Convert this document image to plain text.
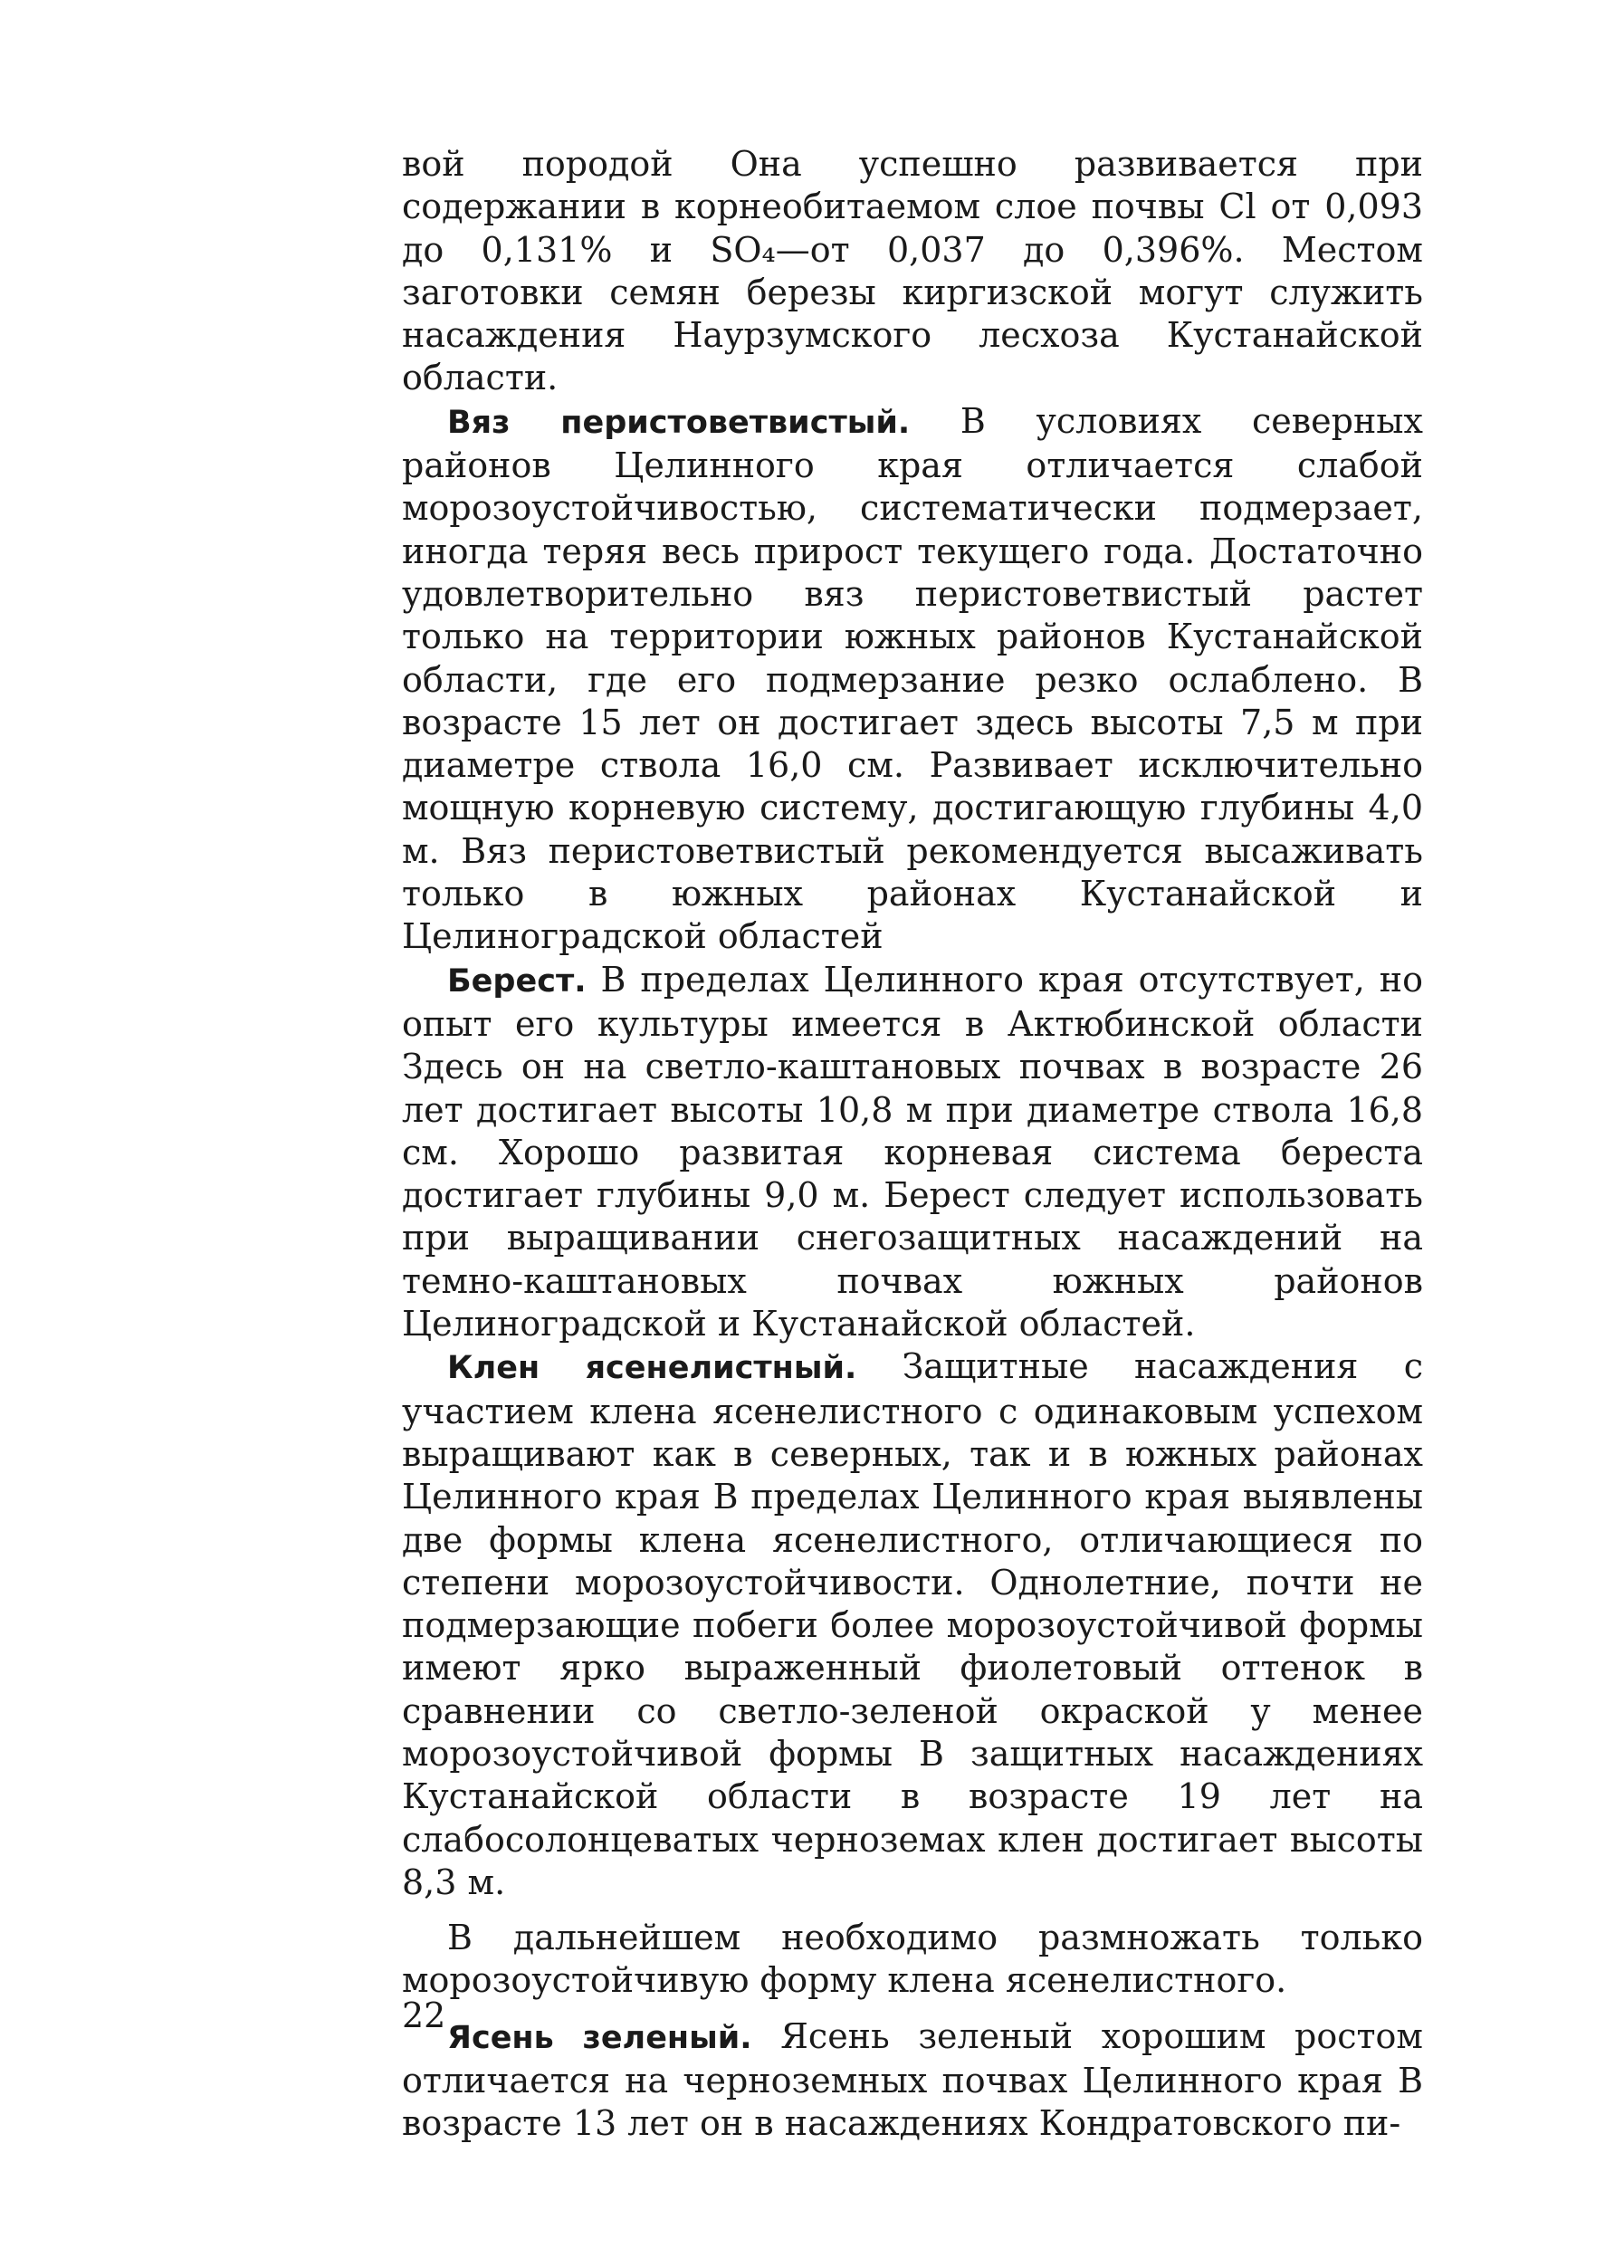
вой породой Она успешно развивается при содержании в корнеобитаемом слое почвы Cl от 0,093 до 0,131% и SO₄—от 0,037 до 0,396%. Местом заготовки семян березы киргизской могут служить насаждения Наурзумского лесхоза Кустанайской области.

Вяз перистоветвистый. В условиях северных районов Целинного края отличается слабой морозоустойчивостью, систематически подмерзает, иногда теряя весь прирост текущего года. Достаточно удовлетворительно вяз перистоветвистый растет только на территории южных районов Кустанайской области, где его подмерзание резко ослаблено. В возрасте 15 лет он достигает здесь высоты 7,5 м при диаметре ствола 16,0 см. Развивает исключительно мощную корневую систему, достигающую глубины 4,0 м. Вяз перистоветвистый рекомендуется высаживать только в южных районах Кустанайской и Целиноградской областей

Берест. В пределах Целинного края отсутствует, но опыт его культуры имеется в Актюбинской области Здесь он на светло-каштановых почвах в возрасте 26 лет достигает высоты 10,8 м при диаметре ствола 16,8 см. Хорошо развитая корневая система береста достигает глубины 9,0 м. Берест следует использовать при выращивании снегозащитных насаждений на темно-каштановых почвах южных районов Целиноградской и Кустанайской областей.

Клен ясенелистный. Защитные насаждения с участием клена ясенелистного с одинаковым успехом выращивают как в северных, так и в южных районах Целинного края В пределах Целинного края выявлены две формы клена ясенелистного, отличающиеся по степени морозоустойчивости. Однолетние, почти не подмерзающие побеги более морозоустойчивой формы имеют ярко выраженный фиолетовый оттенок в сравнении со светло-зеленой окраской у менее морозоустойчивой формы В защитных насаждениях Кустанайской области в возрасте 19 лет на слабосолонцеватых черноземах клен достигает высоты 8,3 м.

В дальнейшем необходимо размножать только морозоустойчивую форму клена ясенелистного.

Ясень зеленый. Ясень зеленый хорошим ростом отличается на черноземных почвах Целинного края В возрасте 13 лет он в насаждениях Кондратовского пи-

22
